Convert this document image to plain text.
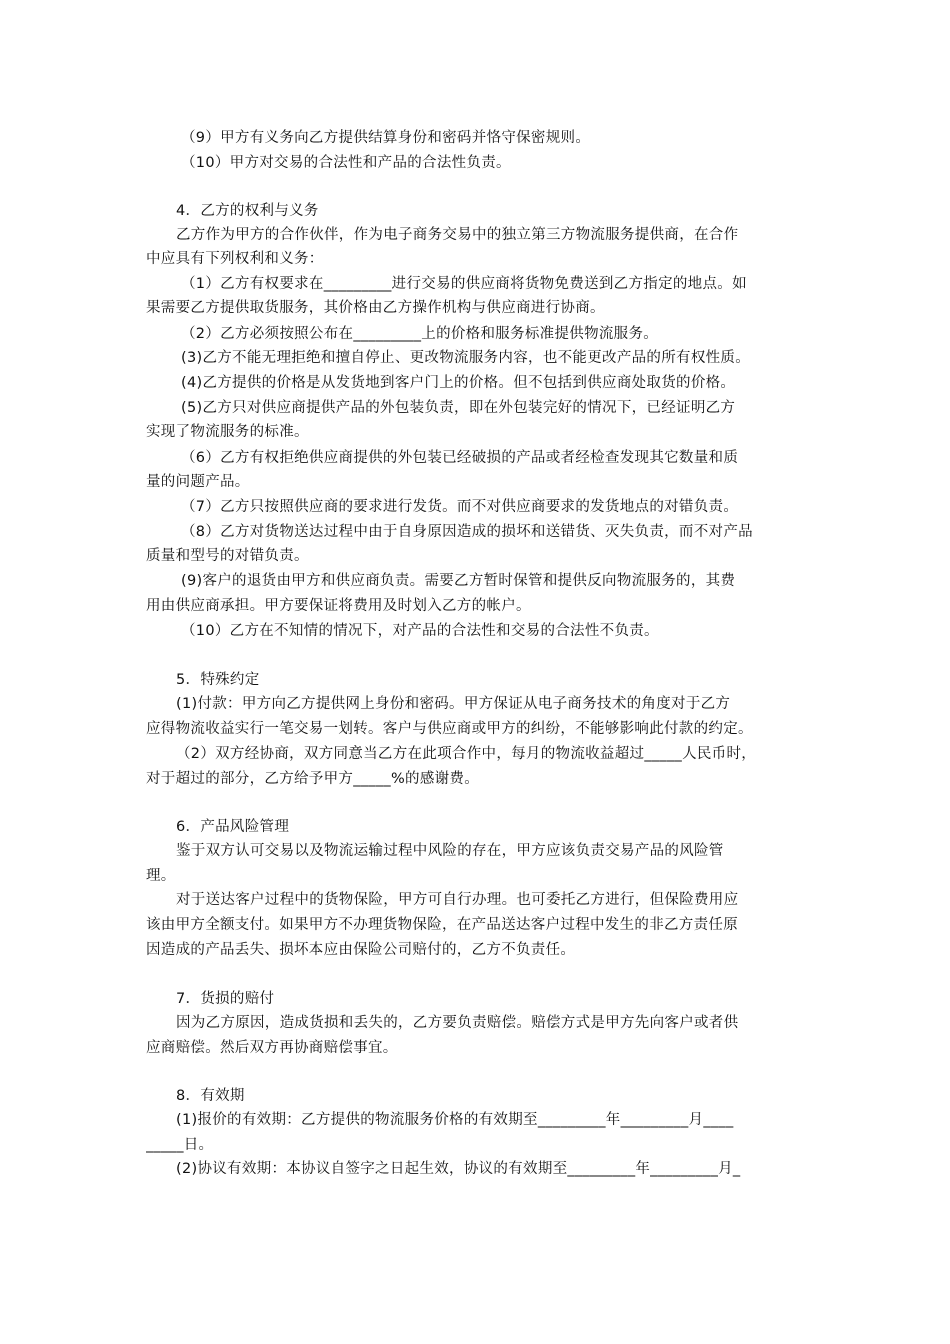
（9）甲方有义务向乙方提供结算身份和密码并恪守保密规则。
（10）甲方对交易的合法性和产品的合法性负责。
4．乙方的权利与义务
乙方作为甲方的合作伙伴，作为电子商务交易中的独立第三方物流服务提供商，在合作
中应具有下列权利和义务：
（1）乙方有权要求在_________进行交易的供应商将货物免费送到乙方指定的地点。如
果需要乙方提供取货服务，其价格由乙方操作机构与供应商进行协商。
（2）乙方必须按照公布在_________上的价格和服务标准提供物流服务。
(3)乙方不能无理拒绝和擅自停止、更改物流服务内容，也不能更改产品的所有权性质。
(4)乙方提供的价格是从发货地到客户门上的价格。但不包括到供应商处取货的价格。
(5)乙方只对供应商提供产品的外包装负责，即在外包装完好的情况下，已经证明乙方
实现了物流服务的标准。
（6）乙方有权拒绝供应商提供的外包装已经破损的产品或者经检查发现其它数量和质
量的问题产品。
（7）乙方只按照供应商的要求进行发货。而不对供应商要求的发货地点的对错负责。
（8）乙方对货物送达过程中由于自身原因造成的损坏和送错货、灭失负责，而不对产品
质量和型号的对错负责。
(9)客户的退货由甲方和供应商负责。需要乙方暂时保管和提供反向物流服务的，其费
用由供应商承担。甲方要保证将费用及时划入乙方的帐户。
（10）乙方在不知情的情况下，对产品的合法性和交易的合法性不负责。
5．特殊约定
(1)付款：甲方向乙方提供网上身份和密码。甲方保证从电子商务技术的角度对于乙方
应得物流收益实行一笔交易一划转。客户与供应商或甲方的纠纷，不能够影响此付款的约定。
（2）双方经协商，双方同意当乙方在此项合作中，每月的物流收益超过_____人民币时，
对于超过的部分，乙方给予甲方_____%的感谢费。
6．产品风险管理
鉴于双方认可交易以及物流运输过程中风险的存在，甲方应该负责交易产品的风险管
理。
对于送达客户过程中的货物保险，甲方可自行办理。也可委托乙方进行，但保险费用应
该由甲方全额支付。如果甲方不办理货物保险，在产品送达客户过程中发生的非乙方责任原
因造成的产品丢失、损坏本应由保险公司赔付的，乙方不负责任。
7．货损的赔付
因为乙方原因，造成货损和丢失的，乙方要负责赔偿。赔偿方式是甲方先向客户或者供
应商赔偿。然后双方再协商赔偿事宜。
8．有效期
(1)报价的有效期：乙方提供的物流服务价格的有效期至_________年_________月____
_____日。
(2)协议有效期：本协议自签字之日起生效，协议的有效期至_________年_________月_
